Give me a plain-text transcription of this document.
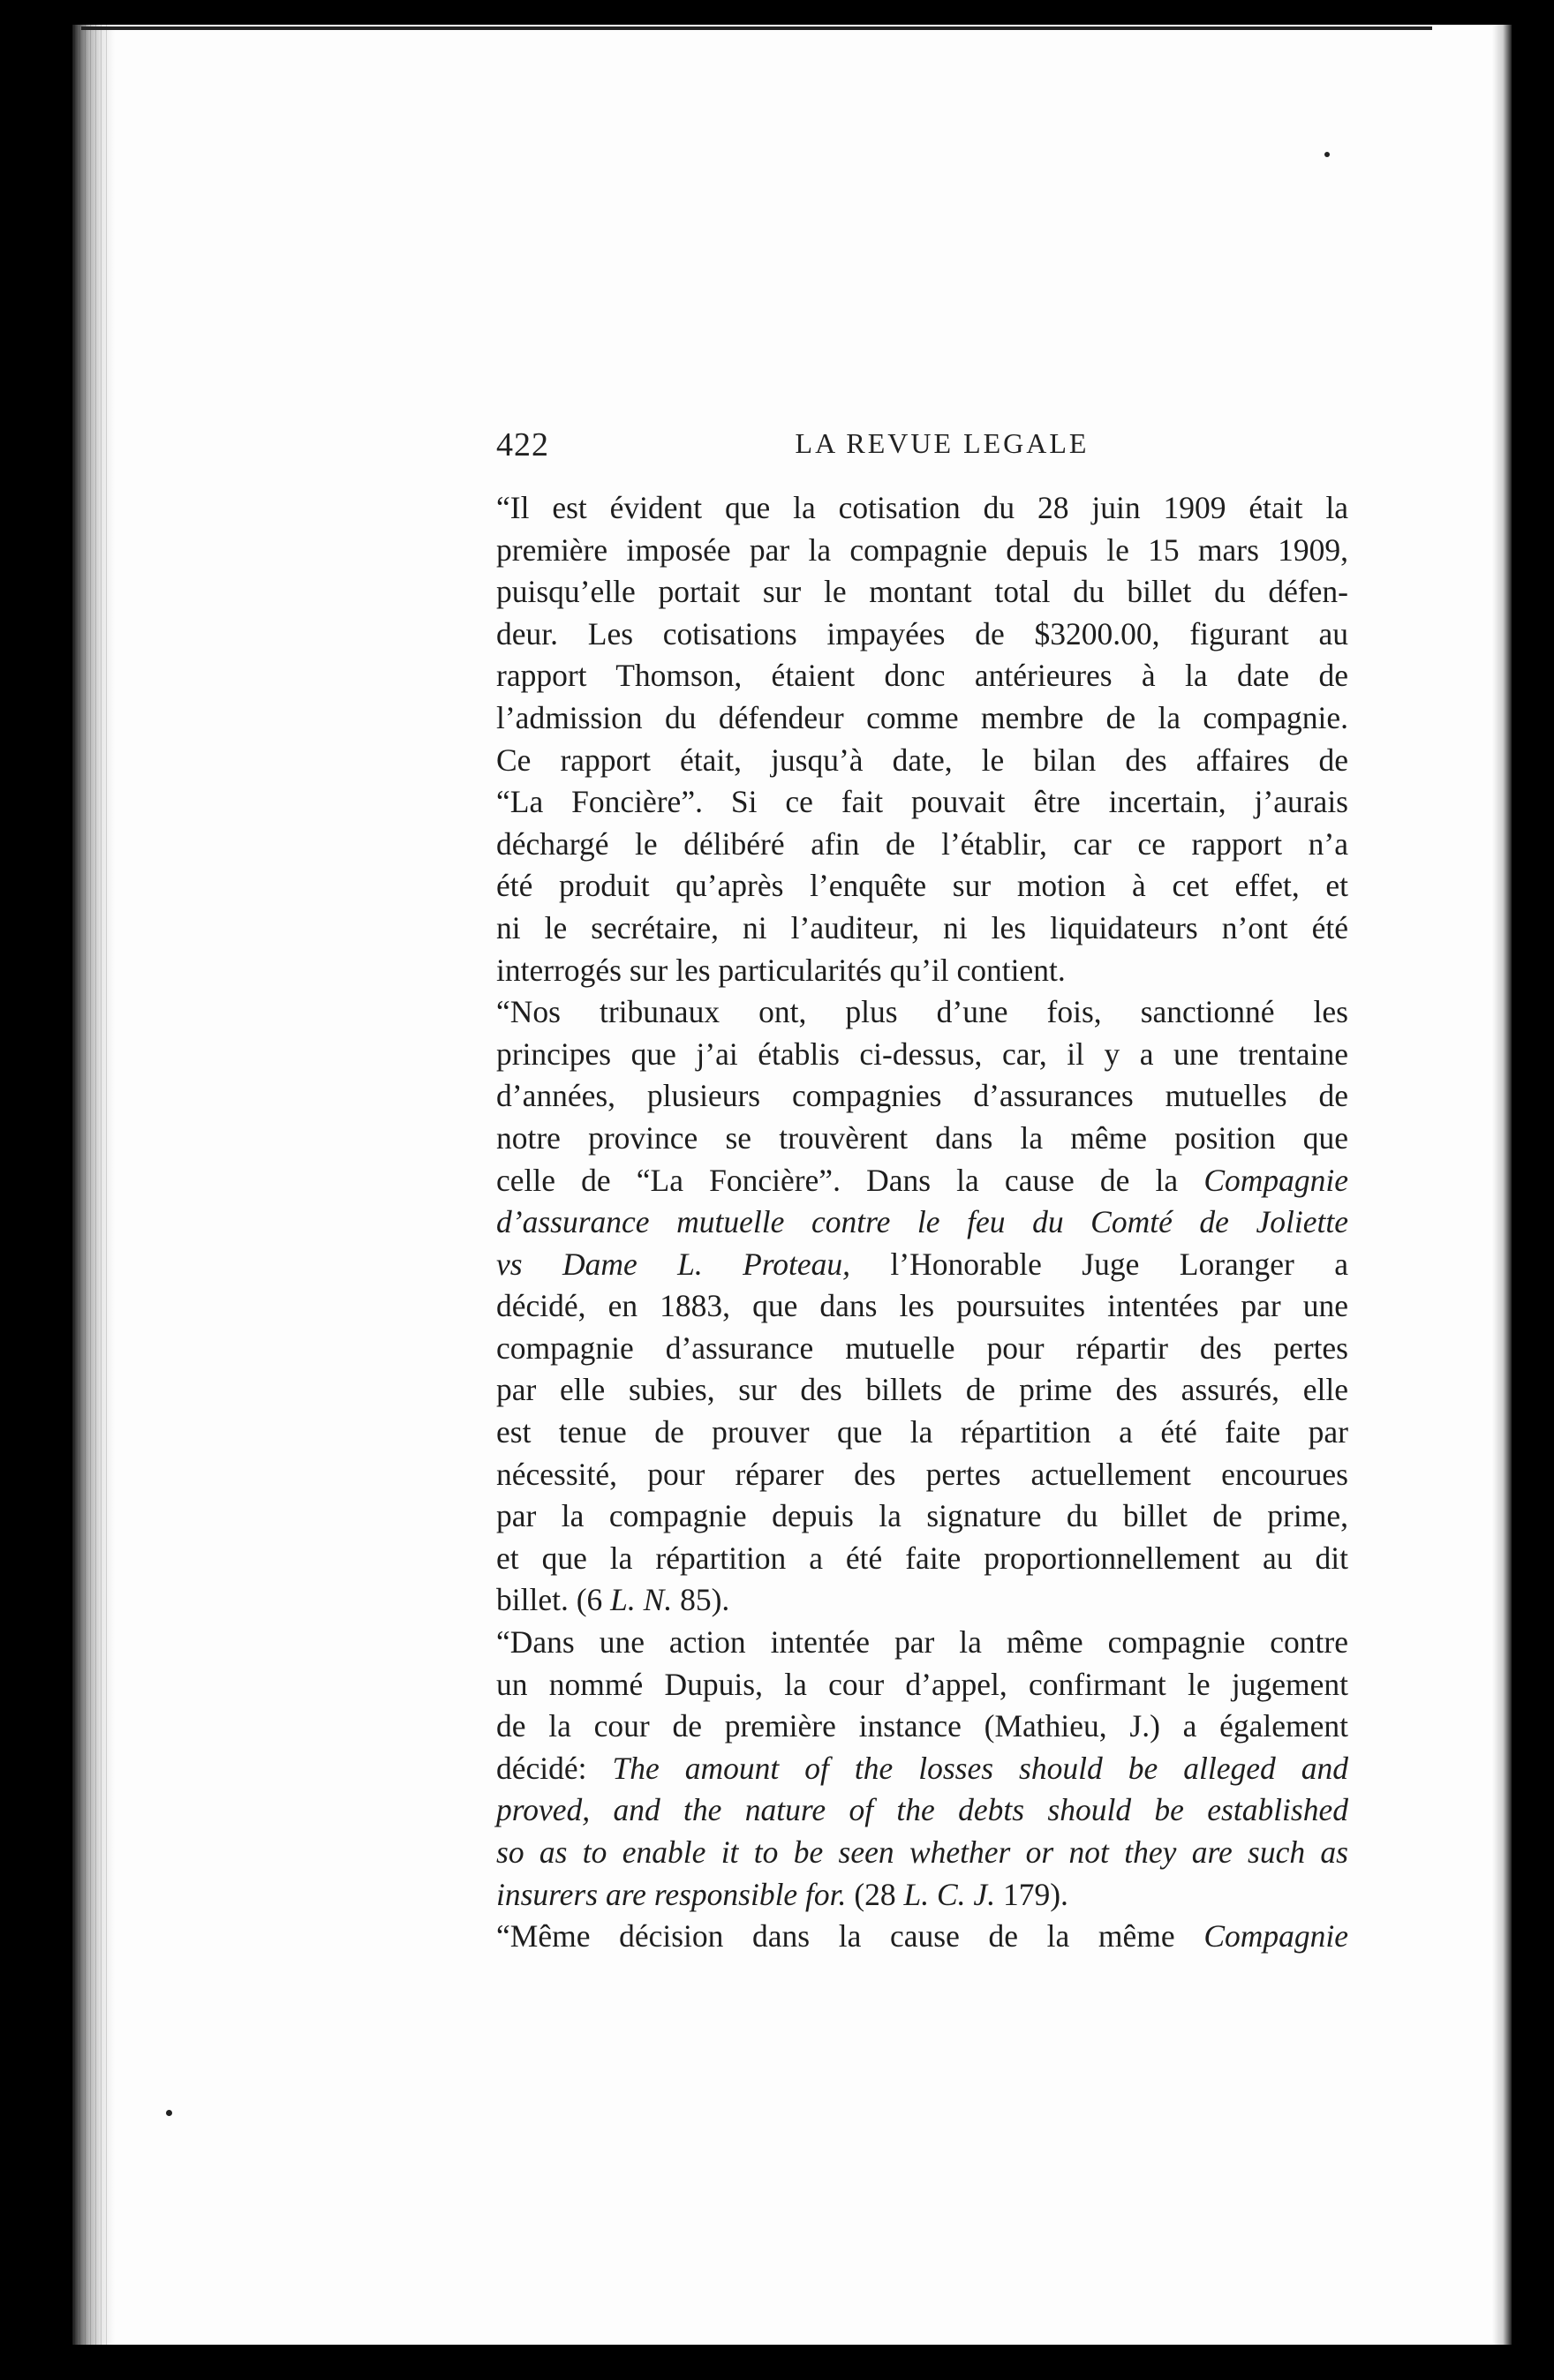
422	LA REVUE LEGALE
“Il est évident que la cotisation du 28 juin 1909 était la
première imposée par la compagnie depuis le 15 mars 1909,
puisqu’elle portait sur le montant total du billet du défen-
deur. Les cotisations impayées de $3200.00, figurant au
rapport Thomson, étaient donc antérieures à la date de
l’admission du défendeur comme membre de la compagnie.
Ce rapport était, jusqu’à date, le bilan des affaires de
“La Foncière”. Si ce fait pouvait être incertain, j’aurais
déchargé le délibéré afin de l’établir, car ce rapport n’a
été produit qu’après l’enquête sur motion à cet effet, et
ni le secrétaire, ni l’auditeur, ni les liquidateurs n’ont été
interrogés sur les particularités qu’il contient.
“Nos tribunaux ont, plus d’une fois, sanctionné les
principes que j’ai établis ci-dessus, car, il y a une trentaine
d’années, plusieurs compagnies d’assurances mutuelles de
notre province se trouvèrent dans la même position que
celle de “La Foncière”. Dans la cause de la Compagnie
d’assurance mutuelle contre le feu du Comté de Joliette
vs Dame L. Proteau, l’Honorable Juge Loranger a
décidé, en 1883, que dans les poursuites intentées par une
compagnie d’assurance mutuelle pour répartir des pertes
par elle subies, sur des billets de prime des assurés, elle
est tenue de prouver que la répartition a été faite par
nécessité, pour réparer des pertes actuellement encourues
par la compagnie depuis la signature du billet de prime,
et que la répartition a été faite proportionnellement au dit
billet. (6 L. N. 85).
“Dans une action intentée par la même compagnie contre
un nommé Dupuis, la cour d’appel, confirmant le jugement
de la cour de première instance (Mathieu, J.) a également
décidé: The amount of the losses should be alleged and
proved, and the nature of the debts should be established
so as to enable it to be seen whether or not they are such as
insurers are responsible for. (28 L. C. J. 179).
“Même décision dans la cause de la même Compagnie
